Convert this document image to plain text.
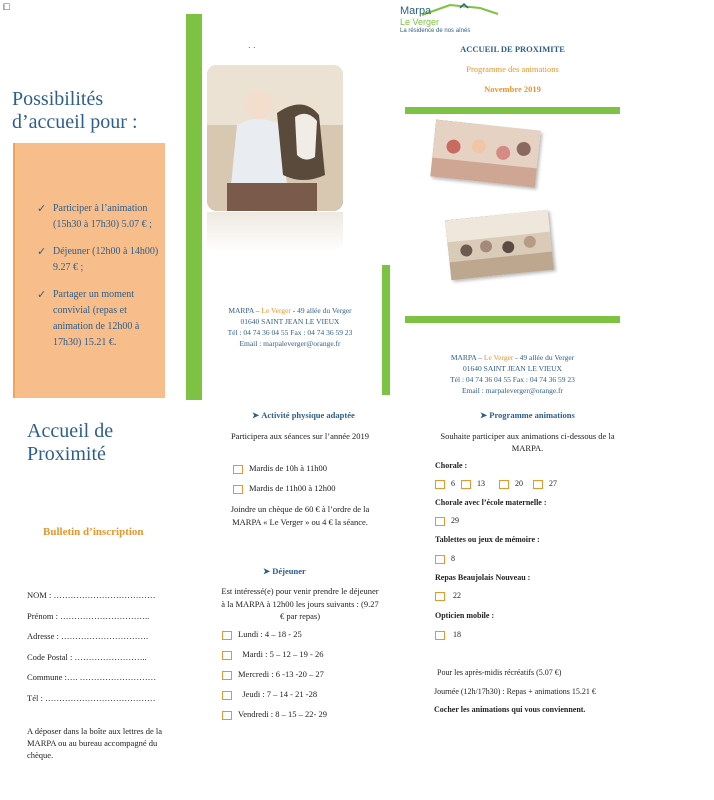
⧠
Possibilités
d’accueil pour :
✓ Participer à l’animation (15h30 à 17h30) 5.07 € ;
✓ Déjeuner (12h00 à 14h00) 9.27 € ;
✓ Partager un moment convivial (repas et animation de 12h00 à 17h30) 15.21 €.
. .
MARPA – Le Verger - 49 allée du Verger
01640 SAINT JEAN LE VIEUX
Tél : 04 74 36 04 55 Fax : 04 74 36 59 23
Email : marpaleverger@orange.fr
Marpa
Le Verger
La résidence de nos aînés
ACCUEIL DE PROXIMITE
Programme des animations
Novembre 2019
MARPA – Le Verger - 49 allée du Verger
01640 SAINT JEAN LE VIEUX
Tél : 04 74 36 04 55 Fax : 04 74 36 59 23
Email : marpaleverger@orange.fr
Accueil de
Proximité
Bulletin d’inscription
NOM : ………………………………
Prénom : …………………………..
Adresse : ………………………….
Code Postal : ……………………..
Commune :…. ………………………
Tél : …………………………………
A déposer dans la boîte aux lettres de la MARPA ou au bureau accompagné du chèque.
➤ Activité physique adaptée
Participera aux séances sur l’année 2019
Mardis de 10h à 11h00
Mardis de 11h00 à 12h00
Joindre un chèque de 60 € à l’ordre de la MARPA « Le Verger » ou 4 € la séance.
➤ Déjeuner
Est intéressé(e) pour venir prendre le déjeuner à la MARPA à 12h00 les jours suivants : (9.27 € par repas)
Lundi : 4 – 18 - 25
Mardi : 5 – 12 – 19 - 26
Mercredi : 6 -13 -20 – 27
Jeudi : 7 – 14 - 21 -28
Vendredi : 8 – 15 – 22- 29
➤ Programme animations
Souhaite participer aux animations ci-dessous de la MARPA.
Chorale :
6	13	20	27
Chorale avec l’école maternelle :
29
Tablettes ou jeux de mémoire :
8
Repas Beaujolais Nouveau :
22
Opticien mobile :
18
Pour les après-midis récréatifs (5.07 €)
Journée (12h/17h30) : Repas + animations 15.21 €
Cocher les animations qui vous conviennent.
